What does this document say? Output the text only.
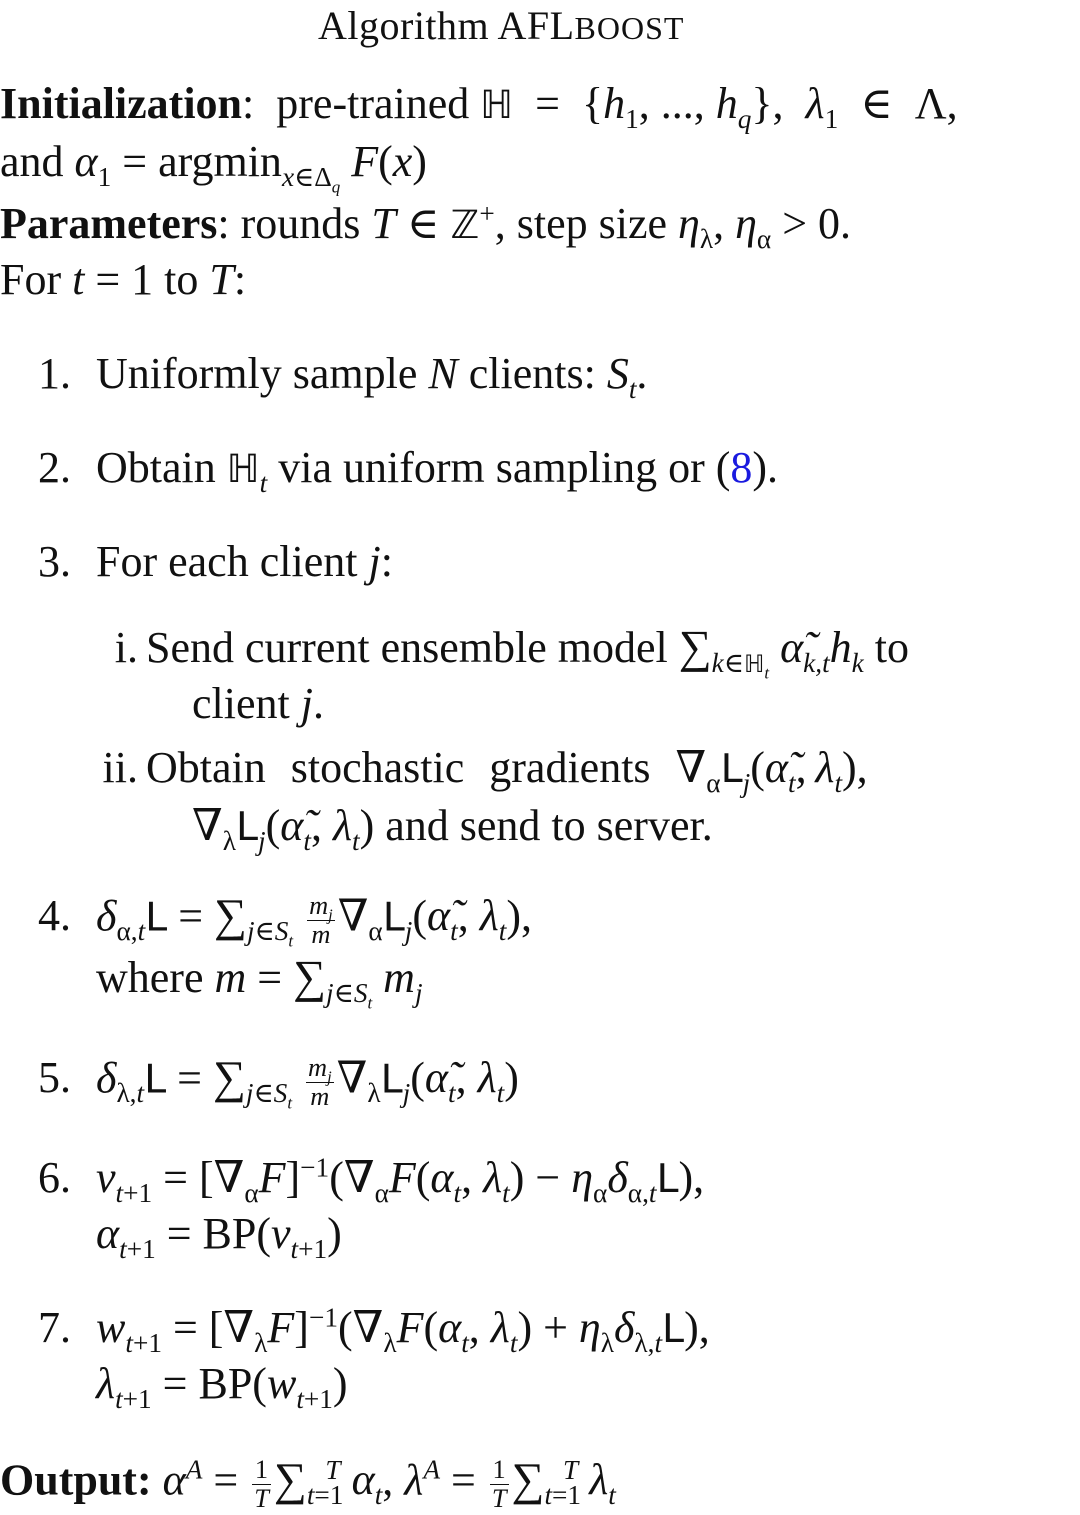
Algorithm AFLBOOST
Initialization:  pre-trained ℍ  =  {$h_1$, ..., $h_q$},  $\lambda_1$  ∈  Λ,
and $\alpha_1 = argmin_{x\in\Delta_q}$ F(x)
Parameters: rounds T ∈ ℤ+, step size $\eta_\lambda$, $\eta_\alpha > 0$.
For t = 1 to T:
1. Uniformly sample N clients: $S_t$.
2. Obtain ℍ$_t$ via uniform sampling or (8).
3. For each client j:
i. Send current ensemble model $\sum_{k\in ℍ_t}$ $\alphã_{k,t}h_k$ to
client j.
ii. Obtain stochastic gradients $\nabla_\alpha L_j(\alphã_t$, $\lambda_t$),
$\nabla_\lambda L_j(\alphã_t$, $\lambda_t$) and send to server.
4. $\delta_{\alpha,t}L = \sum_{j\in S_t} \frac{m_j}{m}$ $\nabla_\alpha L_j(\alphã_t$, $\lambda_t$),
where $m = \sum_{j\in S_t}$ $m_j$
5. $\delta_{\lambda,t}L = \sum_{j\in S_t} \frac{m_j}{m}$ $\nabla_\lambda L_j(\alphã_t$, $\lambda_t$)
6. $v_{t+1} = [\nabla_\alpha F]^{-1}(\nabla_\alpha F(\alpha_t$, $\lambda_t) - \eta_\alpha\delta_{\alpha,t}L$),
$\alpha_{t+1} = BP(v_{t+1})$
7. $w_{t+1} = [\nabla_\lambda F]^{-1}(\nabla_\lambda F(\alpha_t$, $\lambda_t) + \eta_\lambda\delta_{\lambda,t}L$),
$\lambda_{t+1} = BP(w_{t+1})$
Output: $\alpha^A = \frac{1}{T} \sum_{t=1}^T$ $\alpha_t$, $\lambda^A = \frac{1}{T} \sum_{t=1}^T$ $\lambda_t$
